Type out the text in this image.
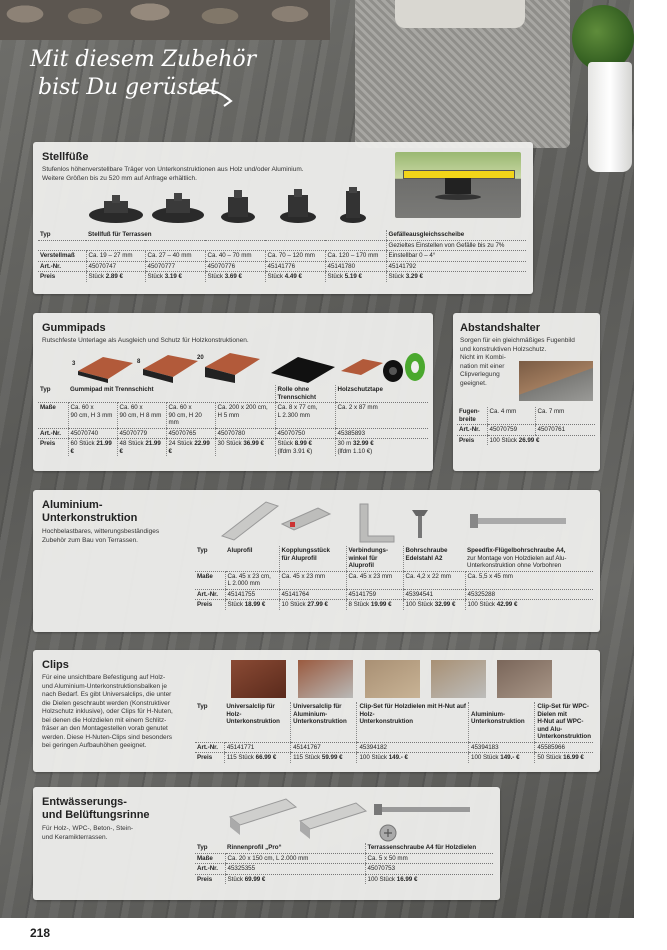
Mit diesem Zubehör
bist Du gerüstet
Stellfüße

Stufenlos höhenverstellbare Träger von Unterkonstruktionen aus Holz und/oder Aluminium.
Weitere Größen bis zu 520 mm auf Anfrage erhältlich.

Typ	Stellfuß für Terrassen					Gefälleausgleichsscheibe
						Gezieltes Einstellen von Gefälle bis zu 7%
Verstellmaß	Ca. 19 – 27 mm	Ca. 27 – 40 mm	Ca. 40 – 70 mm	Ca. 70 – 120 mm	Ca. 120 – 170 mm	Einstellbar 0 – 4°
Art.-Nr.	45070747	45070777	45070776	45141776	45141780	45141792
Preis	Stück 2.89 €	Stück 3.19 €	Stück 3.69 €	Stück 4.49 €	Stück 5.19 €	Stück 3.29 €
Gummipads

Rutschfeste Unterlage als Ausgleich und Schutz für Holzkonstruktionen.

3	8
20
Typ	Gummipad mit Trennschicht				Rolle ohne Trennschicht	Holzschutztape
Maße	Ca. 60 x
90 cm, H 3 mm	Ca. 60 x
90 cm, H 8 mm	Ca. 60 x
90 cm, H 20 mm	Ca. 200 x 200 cm,
H 5 mm	Ca. 8 x 77 cm,
L 2.300 mm	Ca. 2 x 87 mm
Art.-Nr.	45070740	45070779	45070765	45070780	45070750	45385893
Preis	60 Stück 21.99 €	48 Stück 21.99 €	24 Stück 22.99 €	30 Stück 36.99 €	Stück 8.99 €
(lfdm 3.91 €)	30 m 32.99 €
(lfdm 1.10 €)
Abstandshalter

Sorgen für ein gleichmäßiges Fugenbild
und konstruktiven Holzschutz.
Nicht im Kombi-
nation mit einer
Clipverlegung
geeignet.

Fugen-
breite	Ca. 4 mm	Ca. 7 mm
Art.-Nr.	45070759	45070761
Preis	100 Stück 26.99 €	
Aluminium-
Unterkonstruktion

Hochbelastbares, witterungsbeständiges
Zubehör zum Bau von Terrassen.

Typ	Aluprofil	Kopplungsstück
für Aluprofil	Verbindungs-
winkel für
Aluprofil	Bohrschraube
Edelstahl A2	Speedfix-Flügelbohrschraube A4,
zur Montage von Holzdielen auf Alu-
Unterkonstruktion ohne Vorbohren
Maße	Ca. 45 x 23 cm,
L 2.000 mm	Ca. 45 x 23 mm	Ca. 45 x 23 mm	Ca. 4,2 x 22 mm	Ca. 5,5 x 45 mm
Art.-Nr.	45141755	45141764	45141759	45394541	45325288
Preis	Stück 18.99 €	10 Stück 27.99 €	8 Stück 19.99 €	100 Stück 32.99 €	100 Stück 42.99 €
Clips

Für eine unsichtbare Befestigung auf Holz-
und Aluminium-Unterkonstruktionsbalken je
nach Bedarf. Es gibt Universalclips, die unter
die Dielen geschraubt werden (Konstruktiver
Holzschutz inklusive), oder Clips für H-Nuten,
bei denen die Holzdielen mit einem Schlitz-
fräser an den Montagestellen vorab genutet
werden. Diese H-Nuten-Clips sind besonders
bei geringen Aufbauhöhen geeignet.

Typ	Universalclip für
Holz-
Unterkonstruktion	Universalclip für
Aluminium-
Unterkonstruktion	Clip-Set für Holzdielen mit H-Nut auf
Holz-
Unterkonstruktion	Aluminium-
Unterkonstruktion	Clip-Set für WPC-Dielen mit
H-Nut auf WPC-und Alu-
Unterkonstruktion
Art.-Nr.	45141771	45141767	45394182	45394183	45585966
Preis	115 Stück 66.99 €	115 Stück 59.99 €	100 Stück 149.- €	100 Stück 149.- €	50 Stück 16.99 €
Entwässerungs-
und Belüftungsrinne

Für Holz-, WPC-, Beton-, Stein-
und Keramikterrassen.

Typ	Rinnenprofil „Pro“	Terrassenschraube A4 für Holzdielen
Maße	Ca. 20 x 150 cm, L 2.000 mm	Ca. 5 x 50 mm
Art.-Nr.	45325355	45070753
Preis	Stück 69.99 €	100 Stück 16.99 €
218
